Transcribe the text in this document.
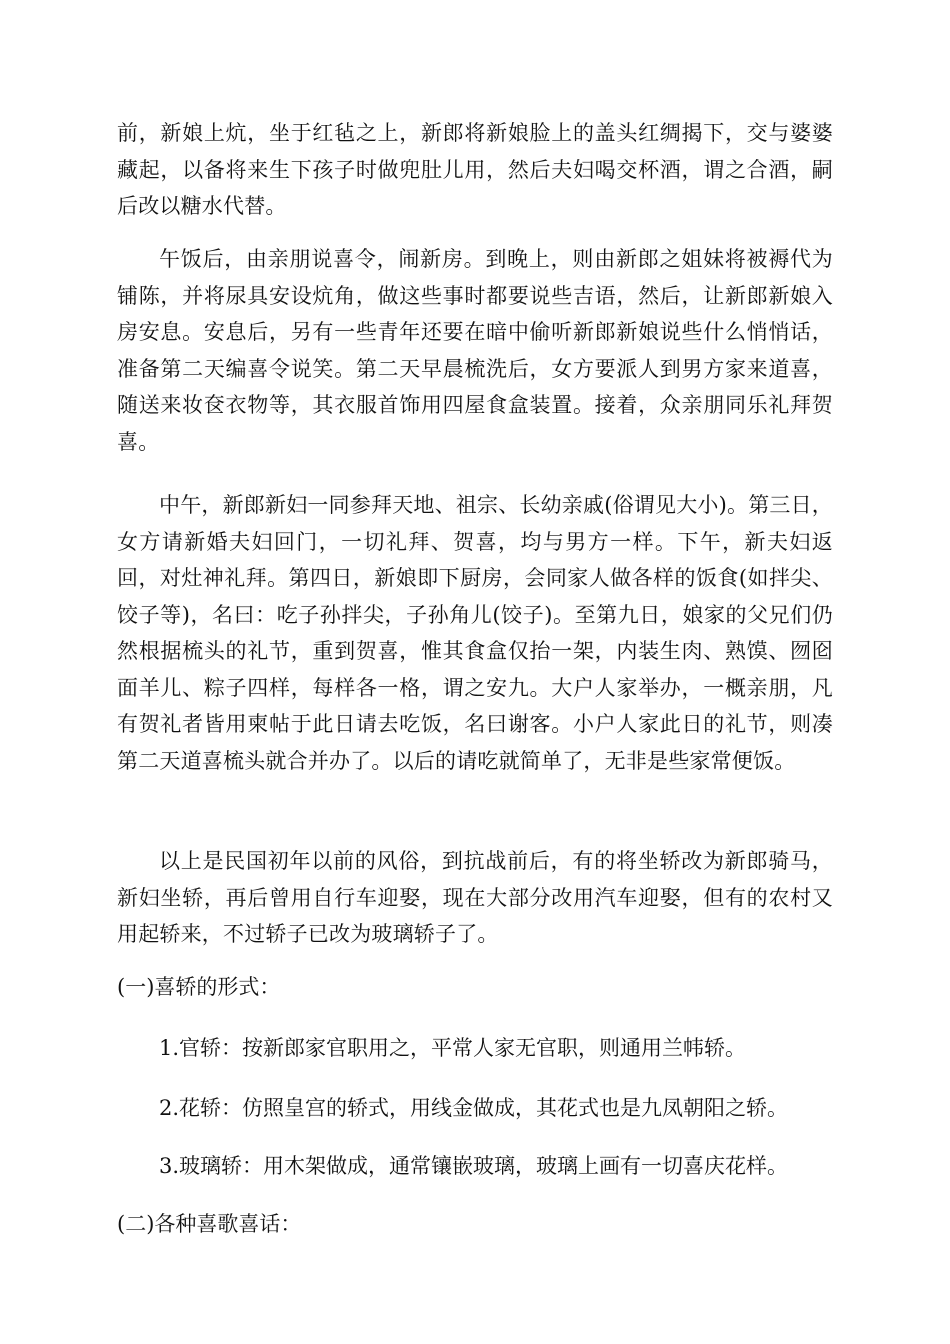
前，新娘上炕，坐于红毡之上，新郎将新娘脸上的盖头红绸揭下，交与婆婆藏起，以备将来生下孩子时做兜肚儿用，然后夫妇喝交杯酒，谓之合酒，嗣后改以糖水代替。

午饭后，由亲朋说喜令，闹新房。到晚上，则由新郎之姐妹将被褥代为铺陈，并将尿具安设炕角，做这些事时都要说些吉语，然后，让新郎新娘入房安息。安息后，另有一些青年还要在暗中偷听新郎新娘说些什么悄悄话，准备第二天编喜令说笑。第二天早晨梳洗后，女方要派人到男方家来道喜，随送来妆奁衣物等，其衣服首饰用四屋食盒装置。接着，众亲朋同乐礼拜贺喜。

中午，新郎新妇一同参拜天地、祖宗、长幼亲戚(俗谓见大小)。第三日，女方请新婚夫妇回门，一切礼拜、贺喜，均与男方一样。下午，新夫妇返回，对灶神礼拜。第四日，新娘即下厨房，会同家人做各样的饭食(如拌尖、饺子等)，名曰：吃子孙拌尖，子孙角儿(饺子)。至第九日，娘家的父兄们仍然根据梳头的礼节，重到贺喜，惟其食盒仅抬一架，内装生肉、熟馍、囫囵面羊儿、粽子四样，每样各一格，谓之安九。大户人家举办，一概亲朋，凡有贺礼者皆用柬帖于此日请去吃饭，名曰谢客。小户人家此日的礼节，则凑第二天道喜梳头就合并办了。以后的请吃就简单了，无非是些家常便饭。

以上是民国初年以前的风俗，到抗战前后，有的将坐轿改为新郎骑马，新妇坐轿，再后曾用自行车迎娶，现在大部分改用汽车迎娶，但有的农村又用起轿来，不过轿子已改为玻璃轿子了。

(一)喜轿的形式：

1.官轿：按新郎家官职用之，平常人家无官职，则通用兰帏轿。

2.花轿：仿照皇宫的轿式，用线金做成，其花式也是九凤朝阳之轿。

3.玻璃轿：用木架做成，通常镶嵌玻璃，玻璃上画有一切喜庆花样。

(二)各种喜歌喜话：
